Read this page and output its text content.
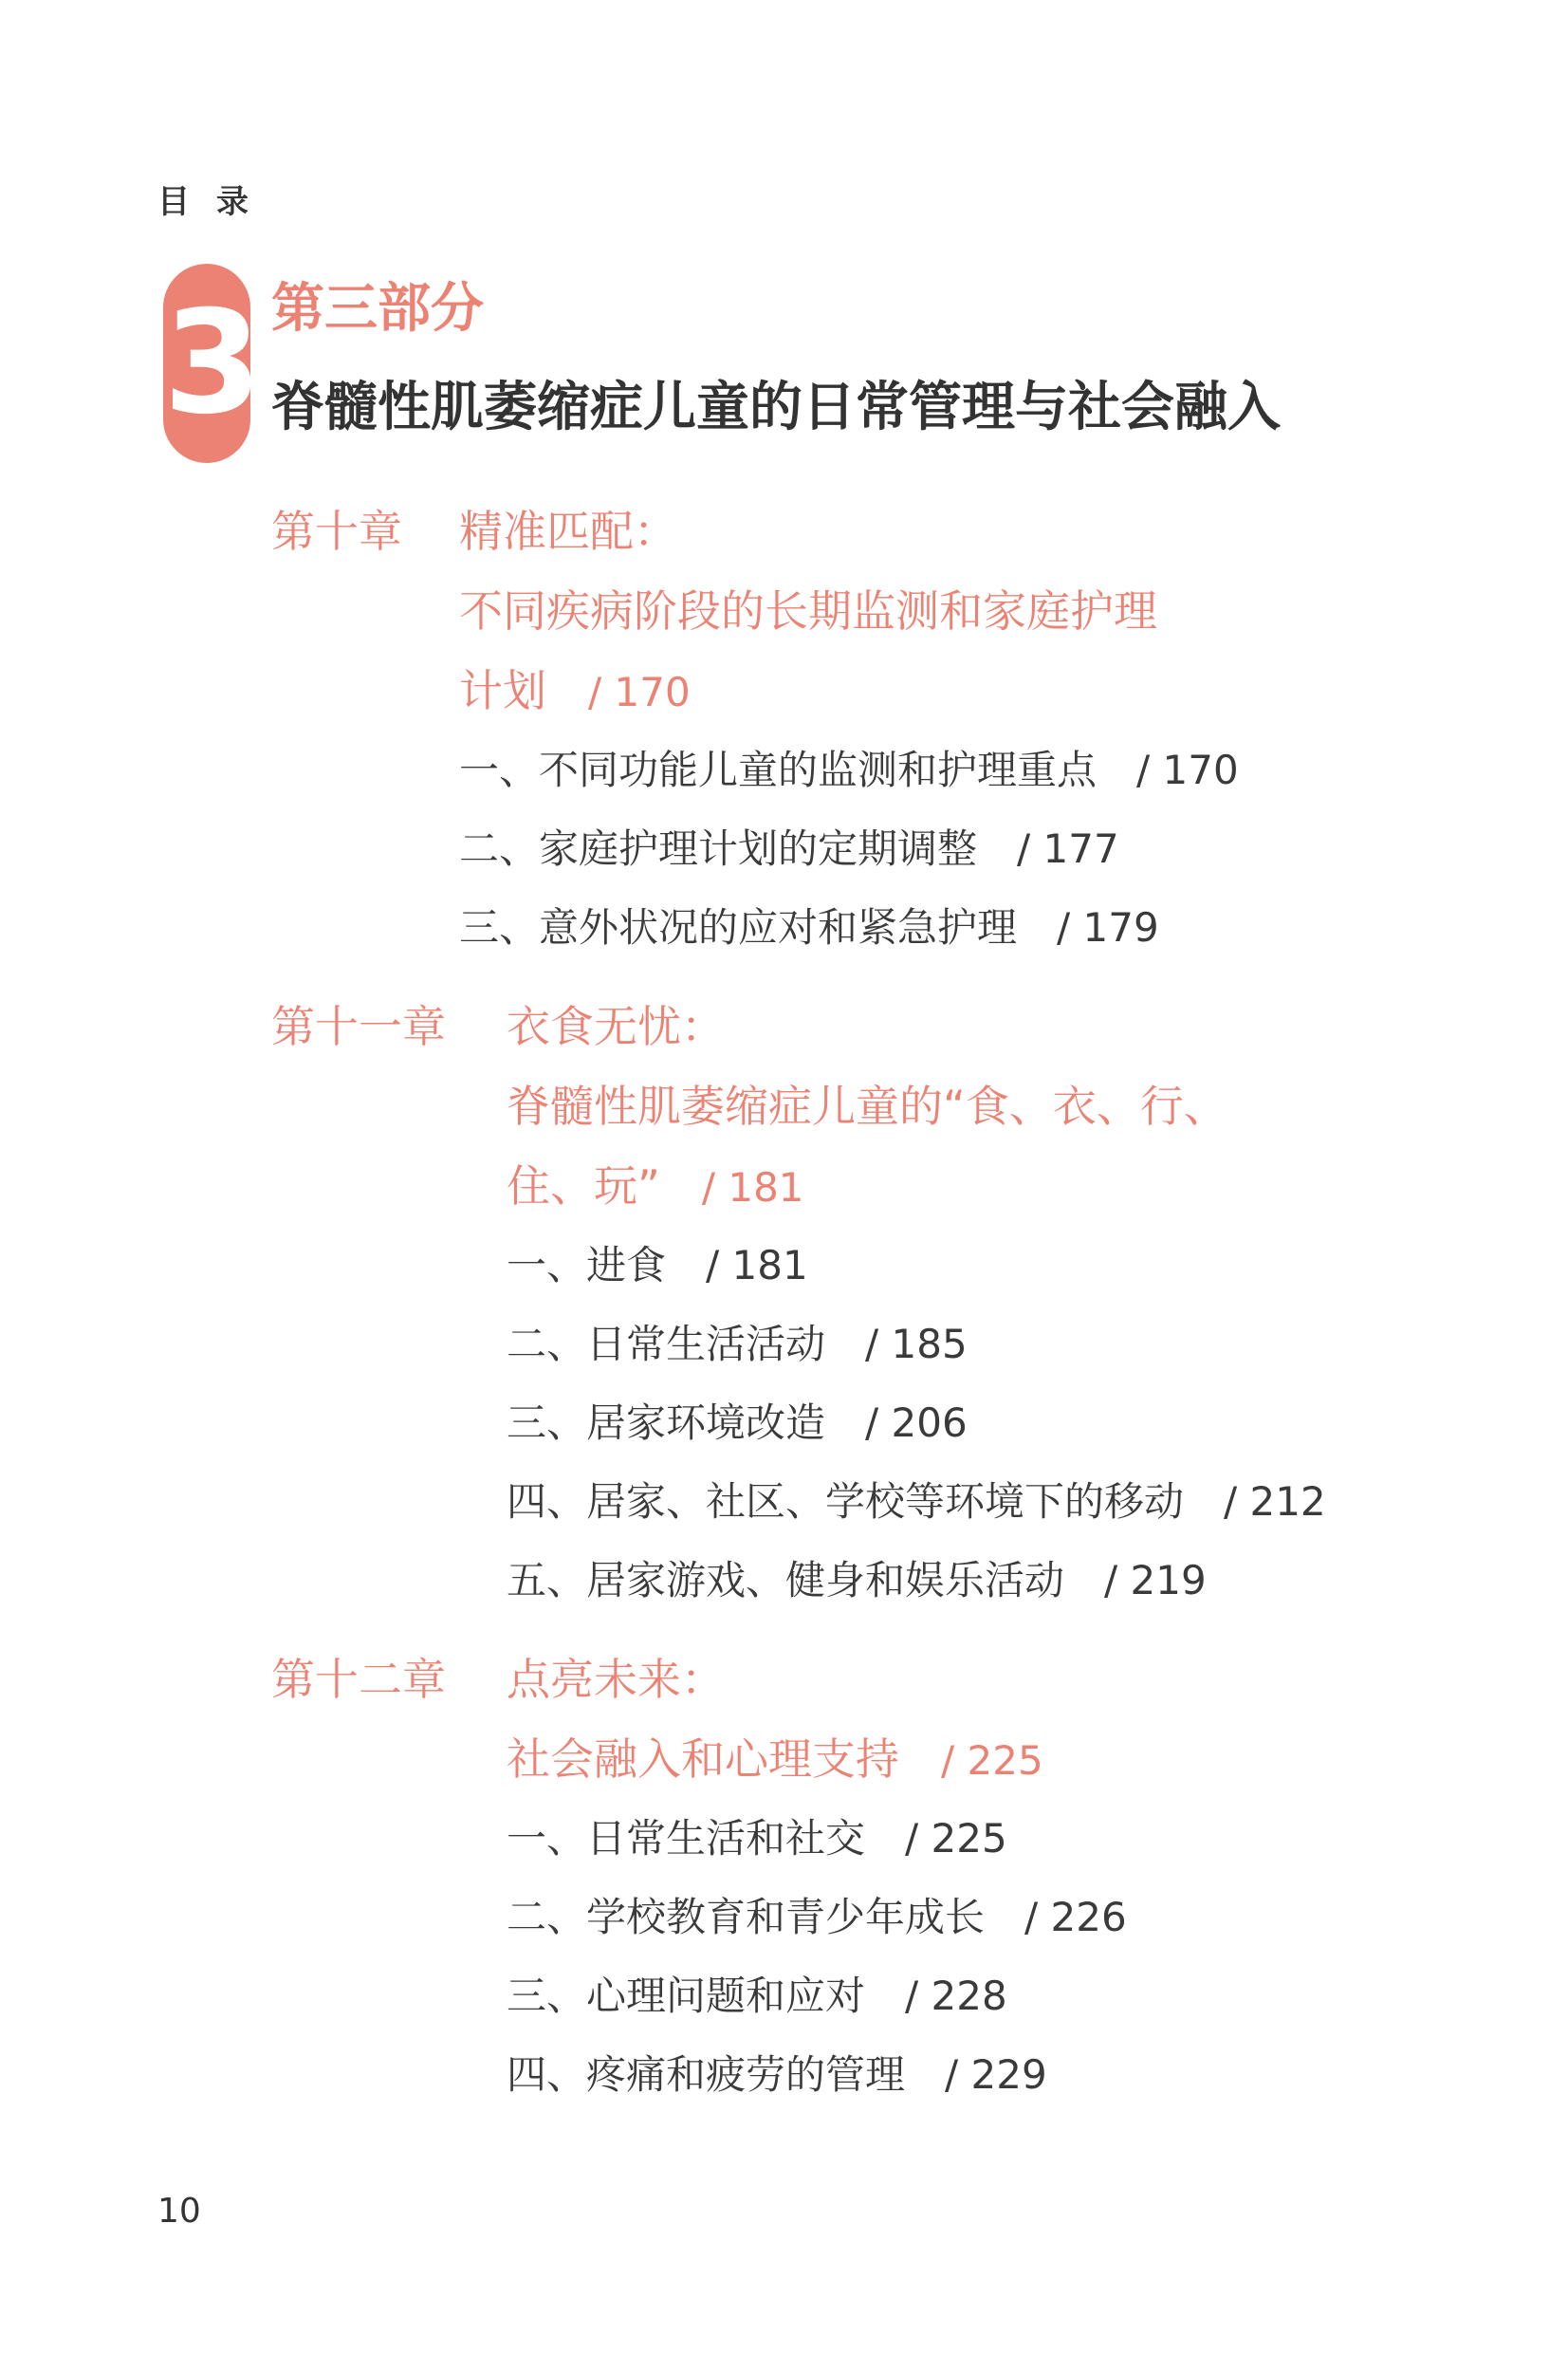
目录
3 第三部分
脊髓性肌萎缩症儿童的日常管理与社会融入
第十章 精准匹配：
不同疾病阶段的长期监测和家庭护理
计划 / 170
一、不同功能儿童的监测和护理重点 / 170
二、家庭护理计划的定期调整 / 177
三、意外状况的应对和紧急护理 / 179
第十一章 衣食无忧：
脊髓性肌萎缩症儿童的“食、衣、行、
住、玩” / 181
一、进食 / 181
二、日常生活活动 / 185
三、居家环境改造 / 206
四、居家、社区、学校等环境下的移动 / 212
五、居家游戏、健身和娱乐活动 / 219
第十二章 点亮未来：
社会融入和心理支持 / 225
一、日常生活和社交 / 225
二、学校教育和青少年成长 / 226
三、心理问题和应对 / 228
四、疼痛和疲劳的管理 / 229
10
